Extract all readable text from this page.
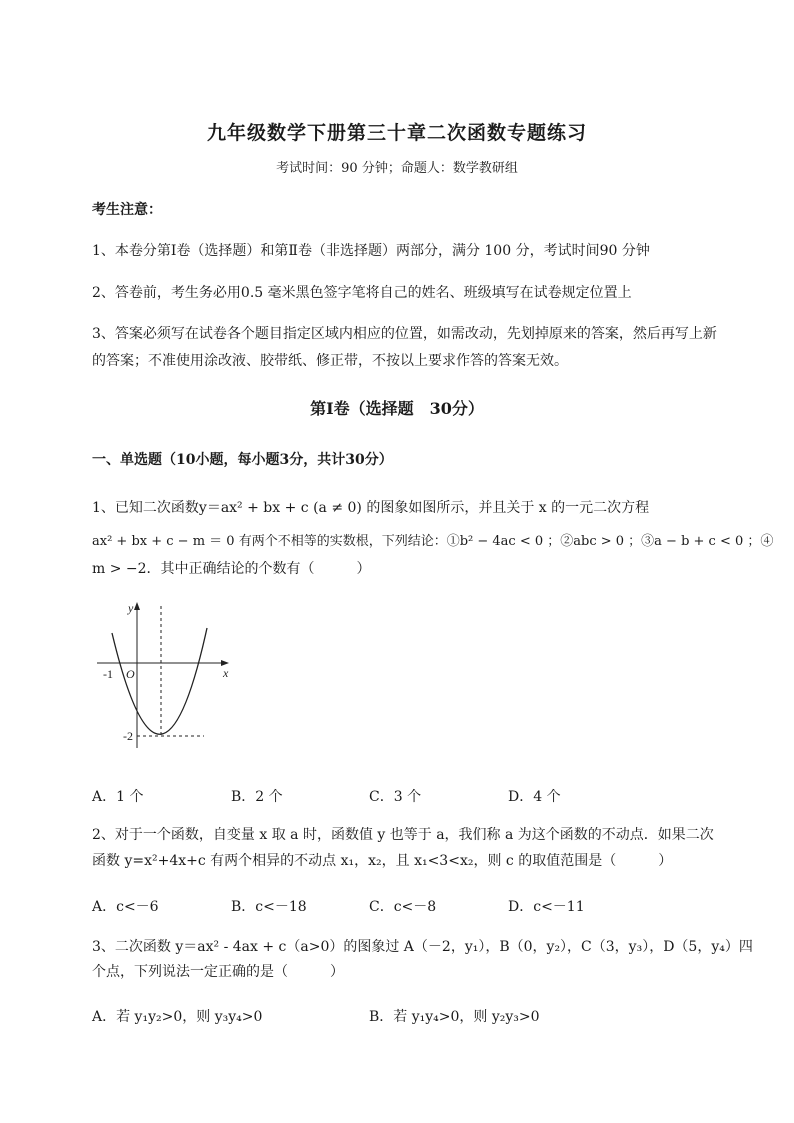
九年级数学下册第三十章二次函数专题练习
考试时间：90 分钟；命题人：数学教研组
考生注意：
1、本卷分第Ⅰ卷（选择题）和第Ⅱ卷（非选择题）两部分，满分 100 分，考试时间90 分钟
2、答卷前，考生务必用0.5 毫米黑色签字笔将自己的姓名、班级填写在试卷规定位置上
3、答案必须写在试卷各个题目指定区域内相应的位置，如需改动，先划掉原来的答案，然后再写上新
的答案；不准使用涂改液、胶带纸、修正带，不按以上要求作答的答案无效。
第Ⅰ卷（选择题　30分）
一、单选题（10小题，每小题3分，共计30分）
1、已知二次函数y＝ax² + bx + c (a ≠ 0) 的图象如图所示，并且关于 x 的一元二次方程
ax² + bx + c − m ＝ 0 有两个不相等的实数根，下列结论：①b² − 4ac < 0 ；②abc > 0 ；③a − b + c < 0 ；④
m > −2．其中正确结论的个数有（　　　）
y
x
O
-1
-2
A．1 个	B．2 个	C．3 个	D．4 个
2、对于一个函数，自变量 x 取 a 时，函数值 y 也等于 a，我们称 a 为这个函数的不动点．如果二次
函数 y=x²+4x+c 有两个相异的不动点 x₁，x₂，且 x₁<3<x₂，则 c 的取值范围是（　　　）
A．c<－6	B．c<－18	C．c<－8	D．c<－11
3、二次函数 y＝ax² - 4ax + c（a>0）的图象过 A（－2，y₁），B（0，y₂），C（3，y₃），D（5，y₄）四
个点，下列说法一定正确的是（　　　）
A．若 y₁y₂>0，则 y₃y₄>0	B．若 y₁y₄>0，则 y₂y₃>0
